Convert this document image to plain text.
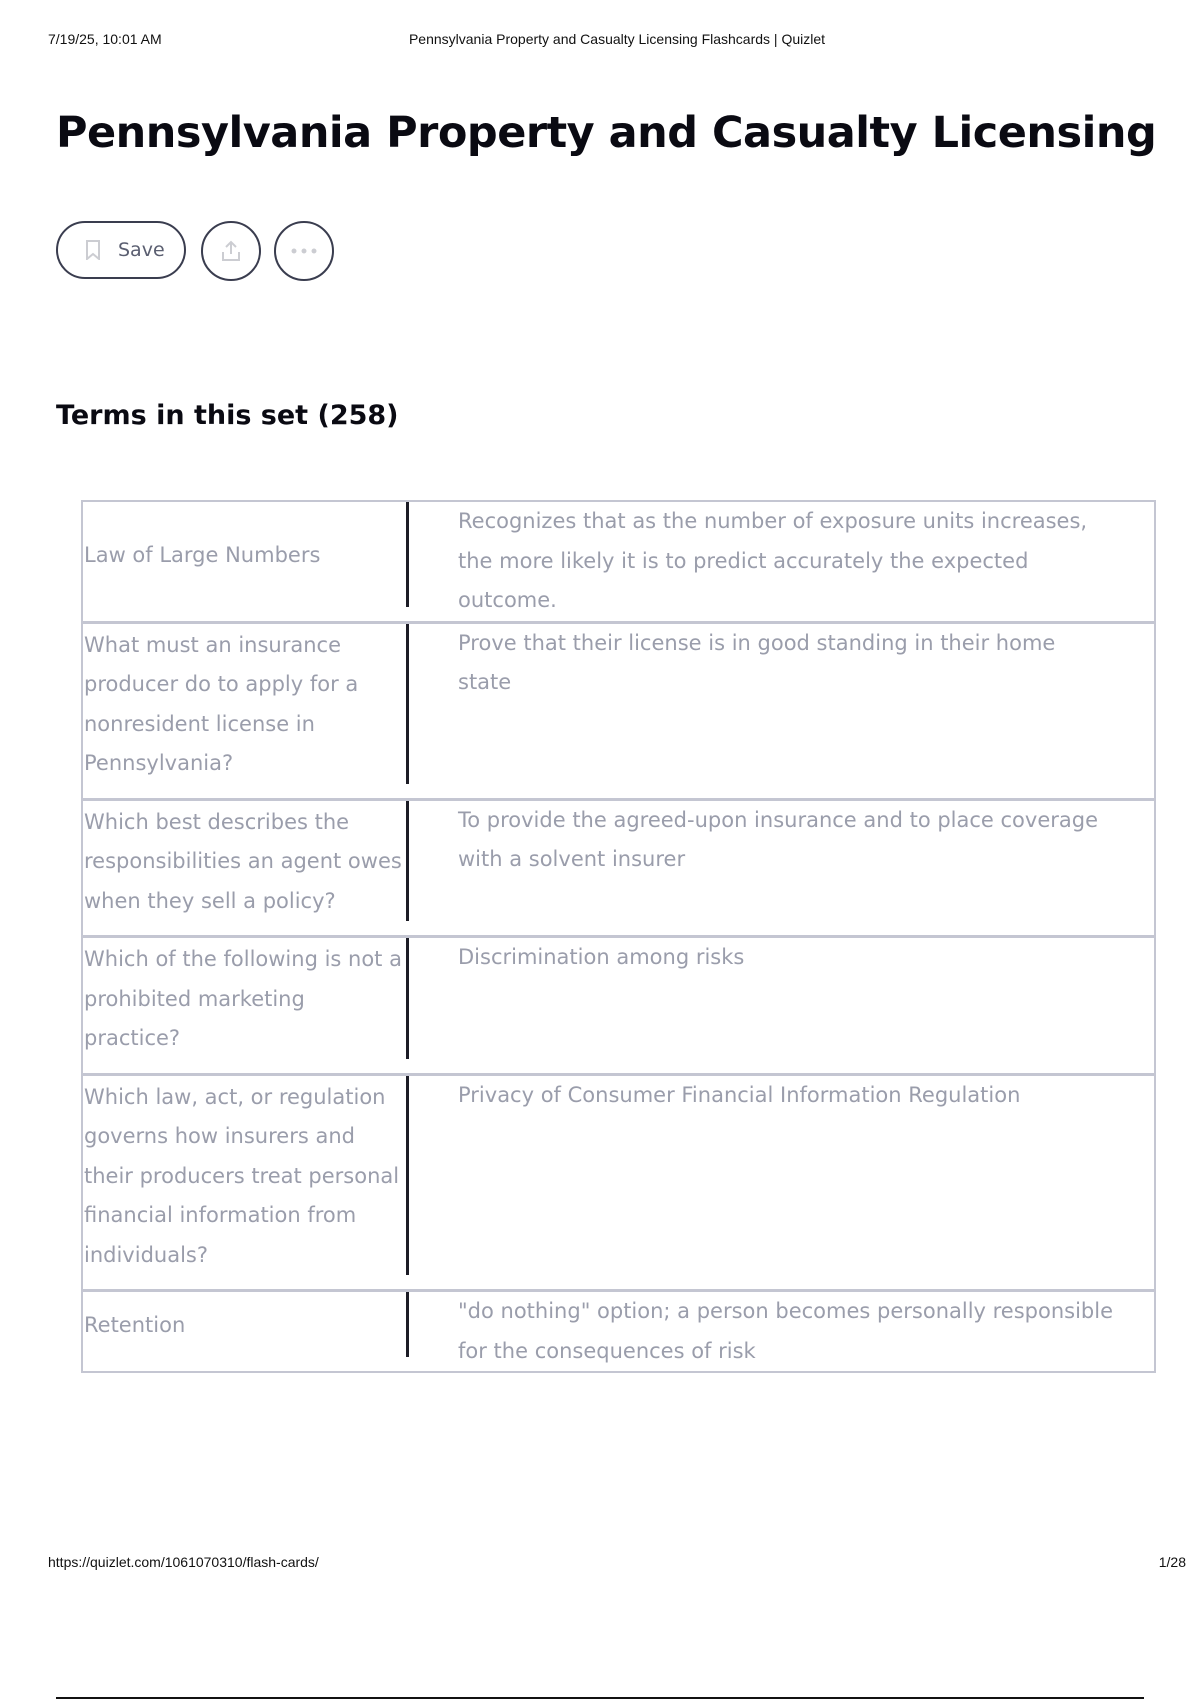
7/19/25, 10:01 AM	Pennsylvania Property and Casualty Licensing Flashcards | Quizlet
Pennsylvania Property and Casualty Licensing
Save
Terms in this set (258)
Law of Large Numbers	Recognizes that as the number of exposure units increases, the more likely it is to predict accurately the expected outcome.
What must an insurance producer do to apply for a nonresident license in Pennsylvania?	Prove that their license is in good standing in their home state
Which best describes the responsibilities an agent owes when they sell a policy?	To provide the agreed-upon insurance and to place coverage with a solvent insurer
Which of the following is not a prohibited marketing practice?	Discrimination among risks
Which law, act, or regulation governs how insurers and their producers treat personal financial information from individuals?	Privacy of Consumer Financial Information Regulation
Retention	"do nothing" option; a person becomes personally responsible for the consequences of risk
https://quizlet.com/1061070310/flash-cards/	1/28
